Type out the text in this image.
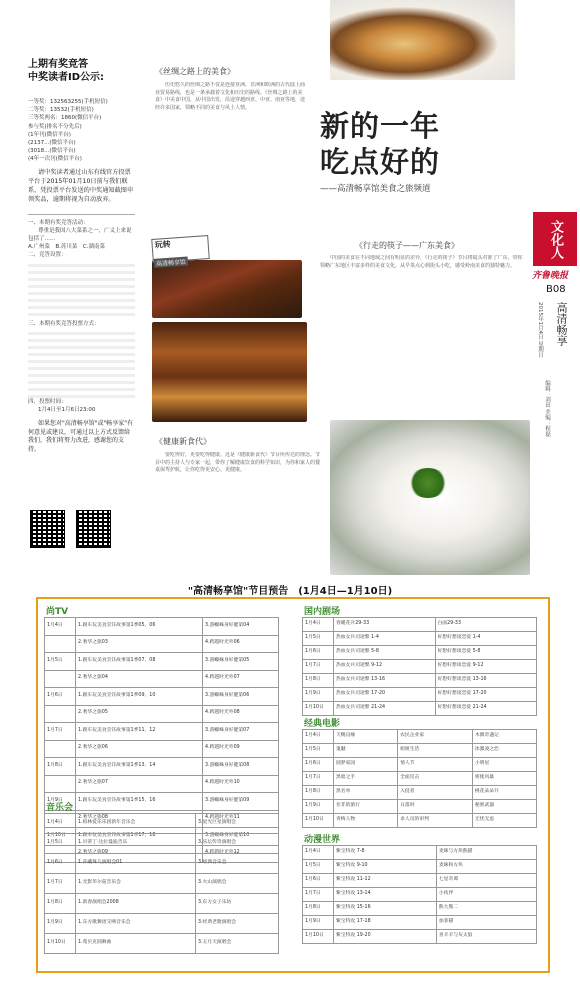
上期有奖竞答
中奖读者ID公示:
一等奖：132563255(手机短信)
二等奖：13532(手机短信)
三等奖两名：1860(微信平台)
参与奖(排名不分先后)
(1年刊(微信平台)
(2137...(微信平台)
(3018...(微信平台)
(4年一次刊(微信平台)
请中奖读者通过山东有线官方投票平台于2015年01月10日前与我们联系，凭投票平台发送的中奖通知截图申领奖品，逾期将视为自动放弃。
一、本期有奖竞答活动：
尊重是我国八大菜系之一，广义上来说包括了……
A.广州菜　B.苏川菜　C.湖南菜
二、竞答设置：
三、本期有奖竞答投票方式：
四、投票时间：
1月4日至1月6日23:00
如果您对"高清畅享馆"或"畅享家"有何意见或建议，可通过以上方式反馈给我们，我们将努力改进，感谢您的支持。
玩转
高清畅享馆
《丝绸之路上的美食》
历史悠久的丝绸之路不仅是连接亚洲、非洲和欧洲的古代陆上商业贸易路线，也是一条承载着文化和历史的路线。《丝绸之路上的美食》中美食中国，从中国出发，沿途穿越西亚、中亚、南亚等地，途经许多国家，领略不同的美食与风土人情。
新的一年
吃点好的
——高清畅享馆美食之旅频道
《行走的筷子——广东美食》
中国的美食在不同地域之间有明显的差异，《行走的筷子》节目将镜头对准了广东，带你领略广东地区丰富多样的美食文化，从早茶点心到街头小吃，感受岭南美食的独特魅力。
《健康新食代》
要吃得好，更要吃得健康。这是《健康新食代》节目所传达的理念。节目中的主持人与专家一起，带你了解健康饮食的科学知识，为你和家人的餐桌保驾护航，让你吃得更安心、更健康。
文化人
齐鲁晚报
B08
高清畅享
2015年1月4日 星期日
编辑：刘田 美编：程磊
"高清畅享馆"节目预告　(1月4日—1月10日)
尚TV
1月4日	1.跟车玩美食烹饪故事第1季05、06	3.游蜘蛛身好健第04
	2.奢华之旅03	4.跨越时光外06
1月5日	1.跟车玩美食烹饪故事第1季07、08	3.游蜘蛛身好健第05
	2.奢华之旅04	4.跨越时光外07
1月6日	1.跟车玩美食烹饪故事第1季09、10	3.游蜘蛛身好健第06
	2.奢华之旅05	4.跨越时光外08
1月7日	1.跟车玩美食烹饪故事第1季11、12	3.游蜘蛛身好健第07
	2.奢华之旅06	4.跨越时光外09
1月8日	1.跟车玩美食烹饪故事第1季13、14	3.游蜘蛛身好健第08
	2.奢华之旅07	4.跨越时光外10
1月9日	1.跟车玩美食烹饪故事第1季15、16	3.游蜘蛛身好健第09
	2.奢华之旅08	4.跨越时光外11
1月10日	1.跟车玩美食烹饪故事第1季17、18	3.游蜘蛛身好健第10
	2.奢华之旅09	4.跨越时光外12
音乐会
1月4日	1.柏林爱乐乐团新年音乐会	3.星光巨星演唱会
1月5日	1.贝蒂丁·达拉曼迪音乐	3.乐坛传奇演唱会
1月6日	1.莎藏珠儿演唱会01	3.经典音乐会
1月7日	1.光影华尔兹音乐会	3.火山演唱会
1月8日	1.新春演唱会2008	3.东方女子乐坊
1月9日	1.东方歌舞团交响音乐会	3.经典老歌演唱会
1月10日	1.希贝克圆舞曲	3.五月天演唱会
国内剧场
1月4日	春暖花开29-33	白面29-33
1月5日	热血女兵司途繁 1-4	好想好想谈恋爱 1-4
1月6日	热血女兵司途繁 5-8	好想好想谈恋爱 5-8
1月7日	热血女兵司途繁 9-12	好想好想谈恋爱 9-12
1月8日	热血女兵司途繁 13-16	好想好想谈恋爱 13-16
1月9日	热血女兵司途繁 17-20	好想好想谈恋爱 17-20
1月10日	热血女兵司途繁 21-24	好想好想谈恋爱 21-24
经典电影
1月4日	天赐良缘	农民企业家	木偶奇遇记
1月5日	鬼魅	姐姐生活	冰激凌之恋
1月6日	圆梦家园	情人节	小明星
1月7日	黑暗之手	全面反击	密使风暴
1月8日	黑名单	入侵者	桃花朵朵开
1月9日	亚非的旅行	日落时	秘密武器
1月10日	青梅人物	求人员的审判	无忧无虑
动漫世界
1月4日	紫宝特攻 7-8	麦咪与方块熊猫
1月5日	紫宝特攻 9-10	麦咪和方块
1月6日	紫宝特攻 11-12	七星奇谭
1月7日	紫宝特攻 13-14	小伙伴
1月8日	紫宝特攻 15-16	熊大熊二
1月9日	紫宝特攻 17-18	加菲猫
1月10日	紫宝特攻 19-20	喜羊羊与灰太狼
